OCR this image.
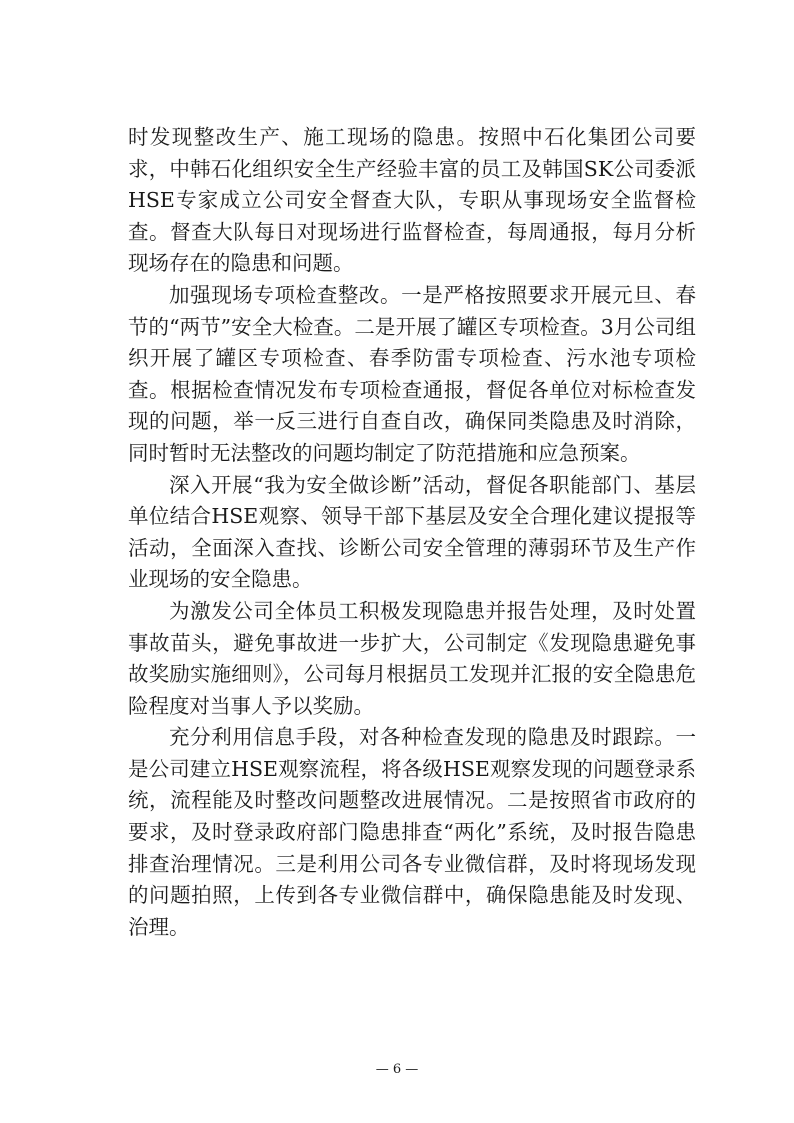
时发现整改生产、施工现场的隐患。按照中石化集团公司要求，中韩石化组织安全生产经验丰富的员工及韩国SK公司委派HSE专家成立公司安全督查大队，专职从事现场安全监督检查。督查大队每日对现场进行监督检查，每周通报，每月分析现场存在的隐患和问题。

加强现场专项检查整改。一是严格按照要求开展元旦、春节的“两节”安全大检查。二是开展了罐区专项检查。3月公司组织开展了罐区专项检查、春季防雷专项检查、污水池专项检查。根据检查情况发布专项检查通报，督促各单位对标检查发现的问题，举一反三进行自查自改，确保同类隐患及时消除，同时暂时无法整改的问题均制定了防范措施和应急预案。

深入开展“我为安全做诊断”活动，督促各职能部门、基层单位结合HSE观察、领导干部下基层及安全合理化建议提报等活动，全面深入查找、诊断公司安全管理的薄弱环节及生产作业现场的安全隐患。

为激发公司全体员工积极发现隐患并报告处理，及时处置事故苗头，避免事故进一步扩大，公司制定《发现隐患避免事故奖励实施细则》，公司每月根据员工发现并汇报的安全隐患危险程度对当事人予以奖励。

充分利用信息手段，对各种检查发现的隐患及时跟踪。一是公司建立HSE观察流程，将各级HSE观察发现的问题登录系统，流程能及时整改问题整改进展情况。二是按照省市政府的要求，及时登录政府部门隐患排查“两化”系统，及时报告隐患排查治理情况。三是利用公司各专业微信群，及时将现场发现的问题拍照，上传到各专业微信群中，确保隐患能及时发现、治理。

— 6 —
